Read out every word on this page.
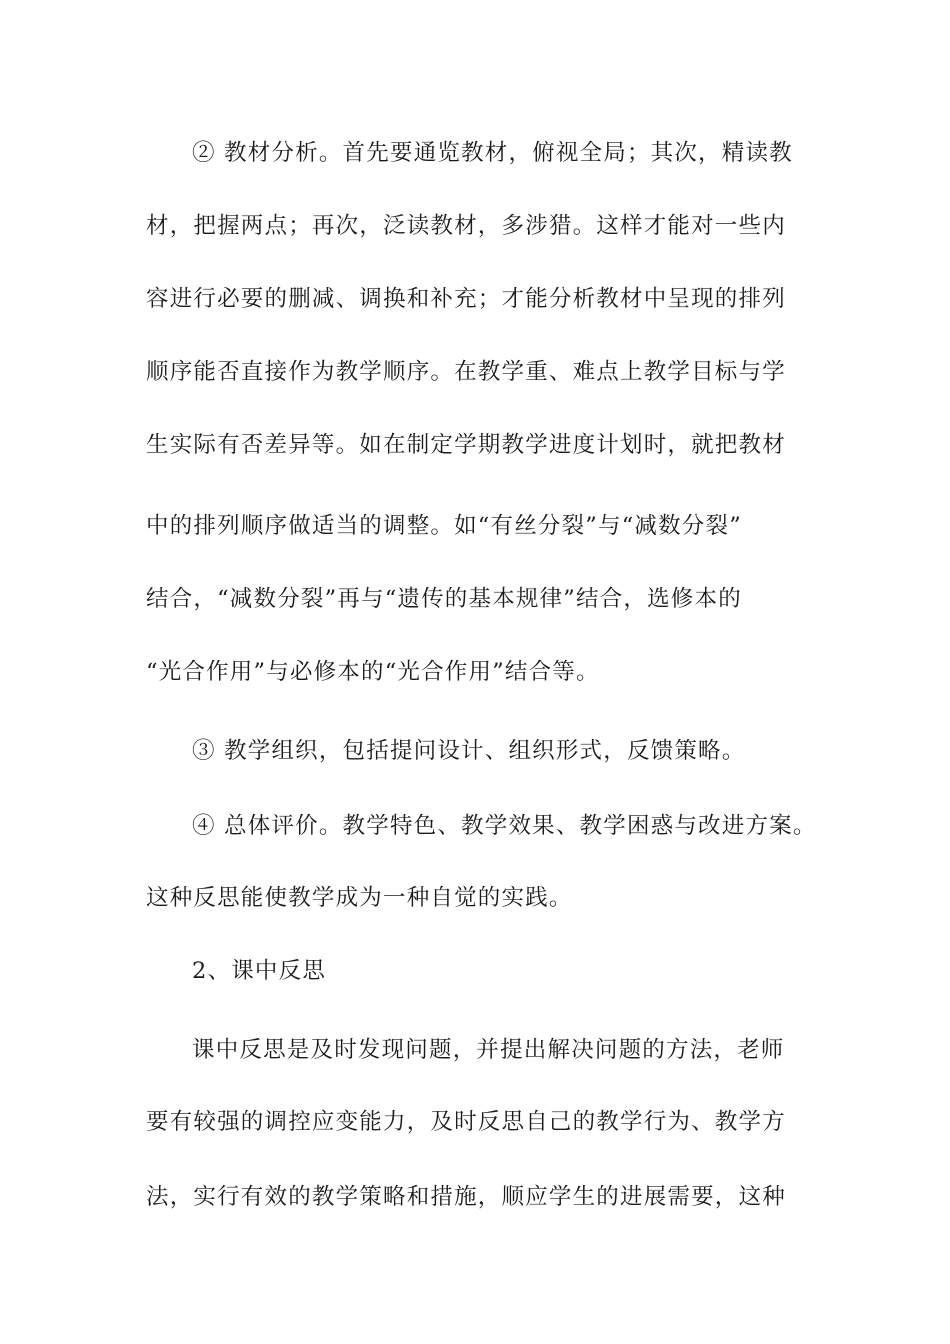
② 教材分析。首先要通览教材，俯视全局；其次，精读教
材，把握两点；再次，泛读教材，多涉猎。这样才能对一些内
容进行必要的删减、调换和补充；才能分析教材中呈现的排列
顺序能否直接作为教学顺序。在教学重、难点上教学目标与学
生实际有否差异等。如在制定学期教学进度计划时，就把教材
中的排列顺序做适当的调整。如“有丝分裂”与“减数分裂”
结合，“减数分裂”再与“遗传的基本规律”结合，选修本的
“光合作用”与必修本的“光合作用”结合等。
③ 教学组织，包括提问设计、组织形式，反馈策略。
④ 总体评价。教学特色、教学效果、教学困惑与改进方案。
这种反思能使教学成为一种自觉的实践。
2、课中反思
课中反思是及时发现问题，并提出解决问题的方法，老师
要有较强的调控应变能力，及时反思自己的教学行为、教学方
法，实行有效的教学策略和措施，顺应学生的进展需要，这种
